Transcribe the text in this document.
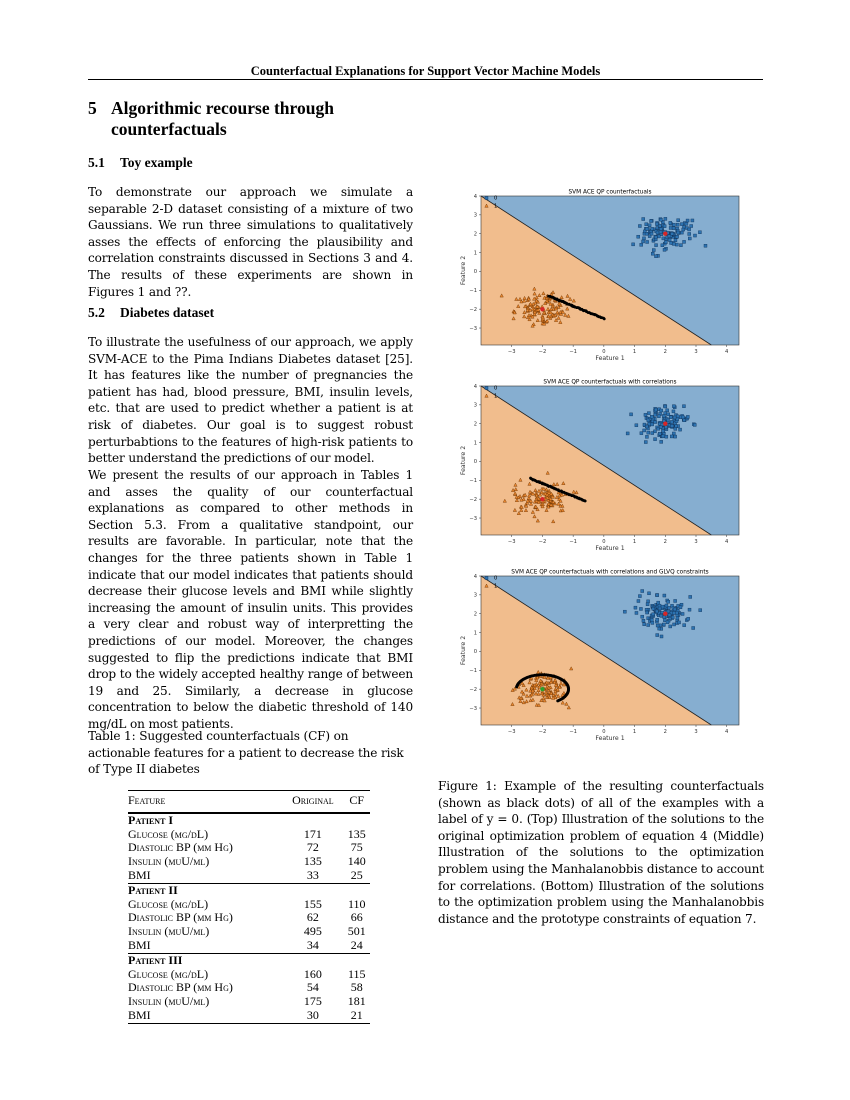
Counterfactual Explanations for Support Vector Machine Models
5 Algorithmic recourse through counterfactuals
5.1 Toy example

To demonstrate our approach we simulate a separable 2-D dataset consisting of a mixture of two Gaussians. We run three simulations to qualitatively asses the effects of enforcing the plausibility and correlation constraints discussed in Sections 3 and 4. The results of these experiments are shown in Figures 1 and ??.

5.2 Diabetes dataset

To illustrate the usefulness of our approach, we apply SVM-ACE to the Pima Indians Diabetes dataset [25]. It has features like the number of pregnancies the patient has had, blood pressure, BMI, insulin levels, etc. that are used to predict whether a patient is at risk of diabetes. Our goal is to suggest robust perturbabtions to the features of high-risk patients to better understand the predictions of our model.

We present the results of our approach in Tables 1 and asses the quality of our counterfactual explanations as compared to other methods in Section 5.3. From a qualitative standpoint, our results are favorable. In particular, note that the changes for the three patients shown in Table 1 indicate that our model indicates that patients should decrease their glucose levels and BMI while slightly increasing the amount of insulin units. This provides a very clear and robust way of interpretting the predictions of our model. Moreover, the changes suggested to flip the predictions indicate that BMI drop to the widely accepted healthy range of between 19 and 25. Similarly, a decrease in glucose concentration to below the diabetic threshold of 140 mg/dL on most patients.

Table 1: Suggested counterfactuals (CF) on actionable features for a patient to decrease the risk of Type II diabetes

Feature	Original	CF
Patient I		
Glucose (mg/dL)	171	135
Diastolic BP (mm Hg)	72	75
Insulin (muU/ml)	135	140
BMI	33	25
Patient II		
Glucose (mg/dL)	155	110
Diastolic BP (mm Hg)	62	66
Insulin (muU/ml)	495	501
BMI	34	24
Patient III		
Glucose (mg/dL)	160	115
Diastolic BP (mm Hg)	54	58
Insulin (muU/ml)	175	181
BMI	30	21
SVM ACE QP counterfactuals
−3	−2	−1	0	1	2	3	4
−3
−2
−1
0
1
2
3
4
Feature 1
Feature 2
0
1
SVM ACE QP counterfactuals with correlations
−3	−2	−1	0	1	2	3	4
−3
−2
−1
0
1
2
3
4
Feature 1
Feature 2
0
1
SVM ACE QP counterfactuals with correlations and GLVQ constraints
−3	−2	−1	0	1	2	3	4
−3
−2
−1
0
1
2
3
4
Feature 1
Feature 2
0
1

Figure 1: Example of the resulting counterfactuals (shown as black dots) of all of the examples with a label of y = 0. (Top) Illustration of the solutions to the original optimization problem of equation 4 (Middle) Illustration of the solutions to the optimization problem using the Manhalanobbis distance to account for correlations. (Bottom) Illustration of the solutions to the optimization problem using the Manhalanobbis distance and the prototype constraints of equation 7.
